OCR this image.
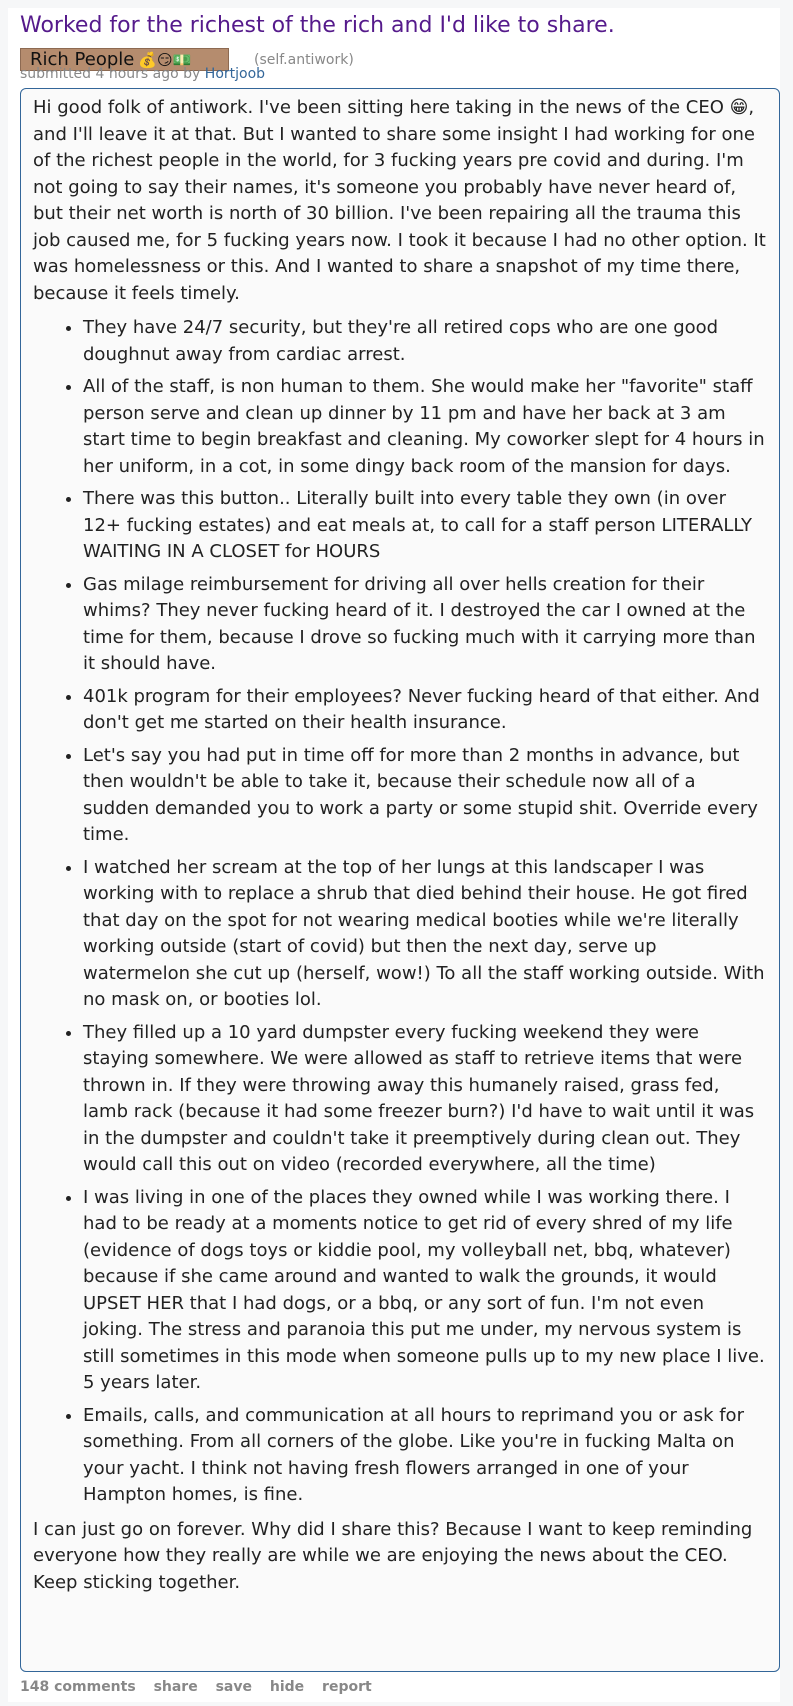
Worked for the richest of the rich and I'd like to share.
Rich People 💰😏💵	(self.antiwork)
submitted 4 hours ago by Hortjoob

Hi good folk of antiwork. I've been sitting here taking in the news of the CEO 😁, and I'll leave it at that. But I wanted to share some insight I had working for one of the richest people in the world, for 3 fucking years pre covid and during. I'm not going to say their names, it's someone you probably have never heard of, but their net worth is north of 30 billion. I've been repairing all the trauma this job caused me, for 5 fucking years now. I took it because I had no other option. It was homelessness or this. And I wanted to share a snapshot of my time there, because it feels timely.

• They have 24/7 security, but they're all retired cops who are one good doughnut away from cardiac arrest.
• All of the staff, is non human to them. She would make her "favorite" staff person serve and clean up dinner by 11 pm and have her back at 3 am start time to begin breakfast and cleaning. My coworker slept for 4 hours in her uniform, in a cot, in some dingy back room of the mansion for days.
• There was this button.. Literally built into every table they own (in over 12+ fucking estates) and eat meals at, to call for a staff person LITERALLY WAITING IN A CLOSET for HOURS
• Gas milage reimbursement for driving all over hells creation for their whims? They never fucking heard of it. I destroyed the car I owned at the time for them, because I drove so fucking much with it carrying more than it should have.
• 401k program for their employees? Never fucking heard of that either. And don't get me started on their health insurance.
• Let's say you had put in time off for more than 2 months in advance, but then wouldn't be able to take it, because their schedule now all of a sudden demanded you to work a party or some stupid shit. Override every time.
• I watched her scream at the top of her lungs at this landscaper I was working with to replace a shrub that died behind their house. He got fired that day on the spot for not wearing medical booties while we're literally working outside (start of covid) but then the next day, serve up watermelon she cut up (herself, wow!) To all the staff working outside. With no mask on, or booties lol.
• They filled up a 10 yard dumpster every fucking weekend they were staying somewhere. We were allowed as staff to retrieve items that were thrown in. If they were throwing away this humanely raised, grass fed, lamb rack (because it had some freezer burn?) I'd have to wait until it was in the dumpster and couldn't take it preemptively during clean out. They would call this out on video (recorded everywhere, all the time)
• I was living in one of the places they owned while I was working there. I had to be ready at a moments notice to get rid of every shred of my life (evidence of dogs toys or kiddie pool, my volleyball net, bbq, whatever) because if she came around and wanted to walk the grounds, it would UPSET HER that I had dogs, or a bbq, or any sort of fun. I'm not even joking. The stress and paranoia this put me under, my nervous system is still sometimes in this mode when someone pulls up to my new place I live. 5 years later.
• Emails, calls, and communication at all hours to reprimand you or ask for something. From all corners of the globe. Like you're in fucking Malta on your yacht. I think not having fresh flowers arranged in one of your Hampton homes, is fine.

I can just go on forever. Why did I share this? Because I want to keep reminding everyone how they really are while we are enjoying the news about the CEO. Keep sticking together.

148 comments share save hide report
